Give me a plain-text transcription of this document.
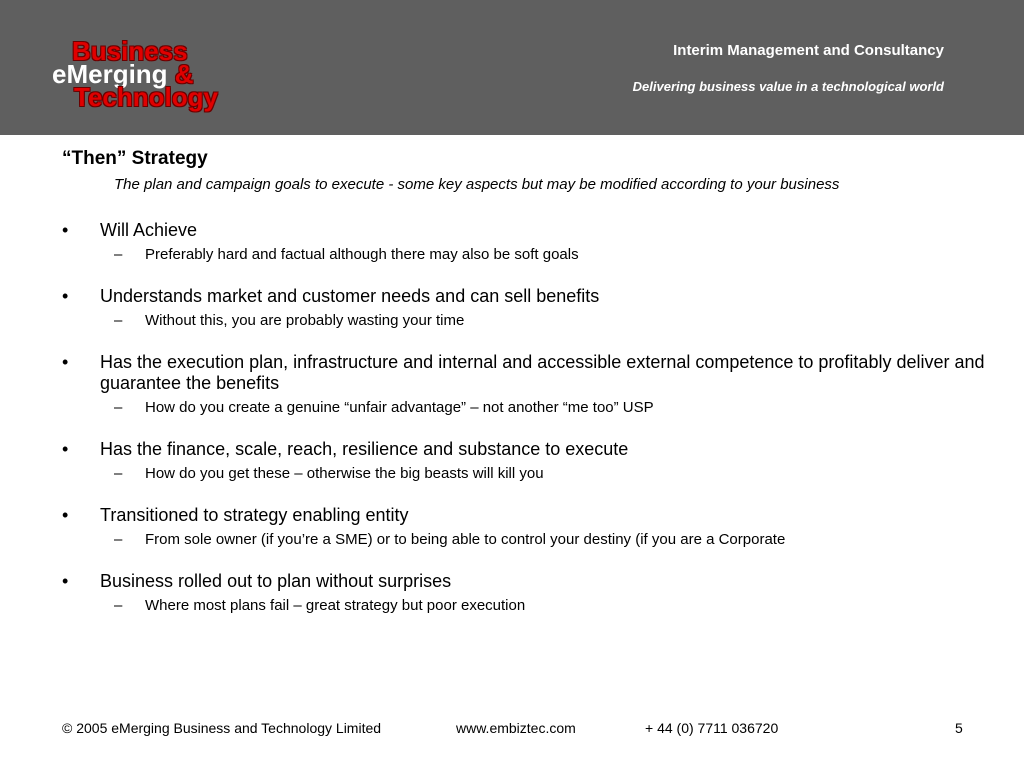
Business
eMerging &
Technology
Interim Management and Consultancy
Delivering business value in a technological world
“Then” Strategy
The plan and campaign goals to execute - some key aspects but may be modified according to your business
• Will Achieve
– Preferably hard and factual although there may also be soft goals
• Understands market and customer needs and can sell benefits
– Without this, you are probably wasting your time
• Has the execution plan, infrastructure and internal and accessible external competence to profitably deliver and guarantee the benefits
– How do you create a genuine “unfair advantage” – not another “me too” USP
• Has the finance, scale, reach, resilience and substance to execute
– How do you get these – otherwise the big beasts will kill you
• Transitioned to strategy enabling entity
– From sole owner (if you’re a SME) or to being able to control your destiny (if you are a Corporate
• Business rolled out to plan without surprises
– Where most plans fail – great strategy but poor execution
© 2005 eMerging Business and Technology Limited	www.embiztec.com	+ 44 (0) 7711 036720	5
